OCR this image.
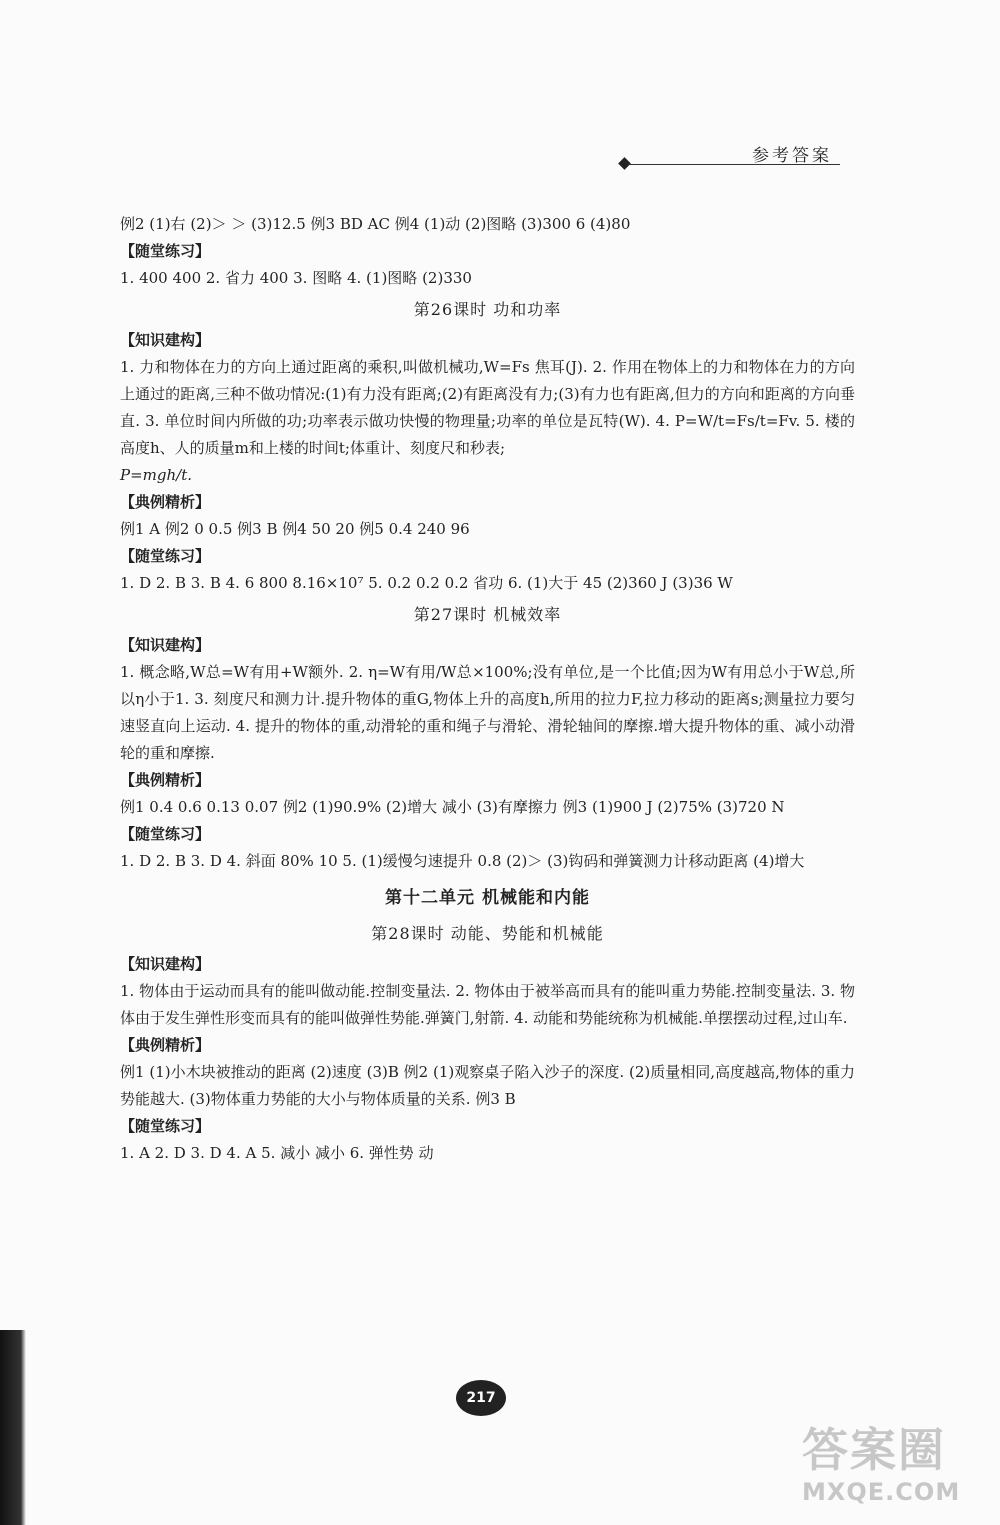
参考答案
例2 (1)右 (2)＞ ＞ (3)12.5 例3 BD AC 例4 (1)动 (2)图略 (3)300 6 (4)80
【随堂练习】
1. 400 400 2. 省力 400 3. 图略 4. (1)图略 (2)330
第26课时 功和功率
【知识建构】
1. 力和物体在力的方向上通过距离的乘积,叫做机械功,W=Fs 焦耳(J). 2. 作用在物体上的力和物体在力的方向上通过的距离,三种不做功情况:(1)有力没有距离;(2)有距离没有力;(3)有力也有距离,但力的方向和距离的方向垂直. 3. 单位时间内所做的功;功率表示做功快慢的物理量;功率的单位是瓦特(W). 4. P=W/t=Fs/t=Fv. 5. 楼的高度h、人的质量m和上楼的时间t;体重计、刻度尺和秒表;
P=mgh/t.
【典例精析】
例1 A 例2 0 0.5 例3 B 例4 50 20 例5 0.4 240 96
【随堂练习】
1. D 2. B 3. B 4. 6 800 8.16×10⁷ 5. 0.2 0.2 0.2 省功 6. (1)大于 45 (2)360 J (3)36 W
第27课时 机械效率
【知识建构】
1. 概念略,W总=W有用+W额外. 2. η=W有用/W总×100%;没有单位,是一个比值;因为W有用总小于W总,所以η小于1. 3. 刻度尺和测力计.提升物体的重G,物体上升的高度h,所用的拉力F,拉力移动的距离s;测量拉力要匀速竖直向上运动. 4. 提升的物体的重,动滑轮的重和绳子与滑轮、滑轮轴间的摩擦.增大提升物体的重、减小动滑轮的重和摩擦.
【典例精析】
例1 0.4 0.6 0.13 0.07 例2 (1)90.9% (2)增大 减小 (3)有摩擦力 例3 (1)900 J (2)75% (3)720 N
【随堂练习】
1. D 2. B 3. D 4. 斜面 80% 10 5. (1)缓慢匀速提升 0.8 (2)＞ (3)钩码和弹簧测力计移动距离 (4)增大
第十二单元 机械能和内能
第28课时 动能、势能和机械能
【知识建构】
1. 物体由于运动而具有的能叫做动能.控制变量法. 2. 物体由于被举高而具有的能叫重力势能.控制变量法. 3. 物体由于发生弹性形变而具有的能叫做弹性势能.弹簧门,射箭. 4. 动能和势能统称为机械能.单摆摆动过程,过山车.
【典例精析】
例1 (1)小木块被推动的距离 (2)速度 (3)B 例2 (1)观察桌子陷入沙子的深度. (2)质量相同,高度越高,物体的重力势能越大. (3)物体重力势能的大小与物体质量的关系. 例3 B
【随堂练习】
1. A 2. D 3. D 4. A 5. 减小 减小 6. 弹性势 动
217
答案圈
MXQE.COM
